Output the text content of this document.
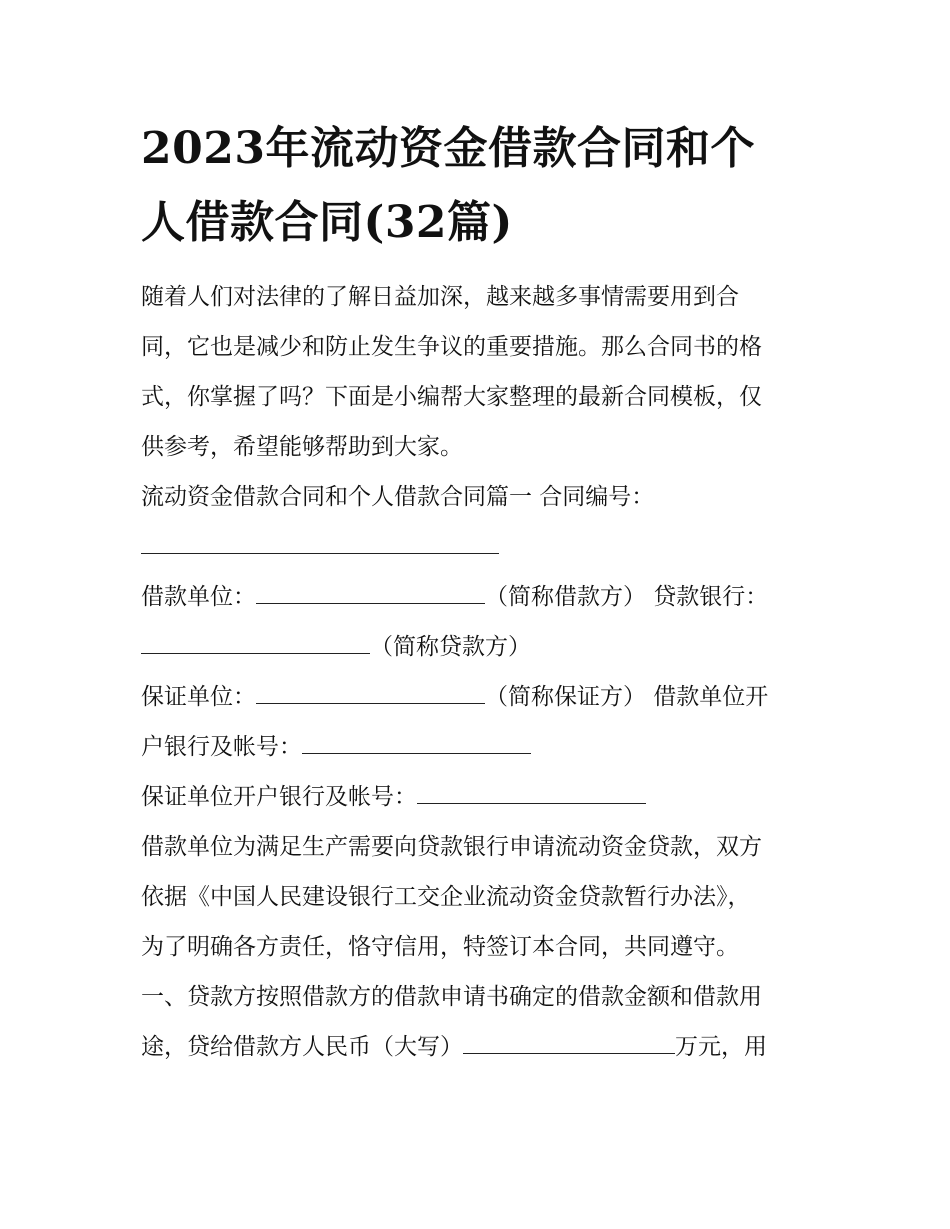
2023年流动资金借款合同和个
人借款合同(32篇)
随着人们对法律的了解日益加深，越来越多事情需要用到合
同，它也是减少和防止发生争议的重要措施。那么合同书的格
式，你掌握了吗？下面是小编帮大家整理的最新合同模板，仅
供参考，希望能够帮助到大家。
流动资金借款合同和个人借款合同篇一 合同编号：
借款单位：	（简称借款方） 贷款银行：
（简称贷款方）
保证单位：	（简称保证方） 借款单位开
户银行及帐号：
保证单位开户银行及帐号：
借款单位为满足生产需要向贷款银行申请流动资金贷款，双方
依据《中国人民建设银行工交企业流动资金贷款暂行办法》，
为了明确各方责任，恪守信用，特签订本合同，共同遵守。
一、贷款方按照借款方的借款申请书确定的借款金额和借款用
途，贷给借款方人民币（大写）	万元，用
